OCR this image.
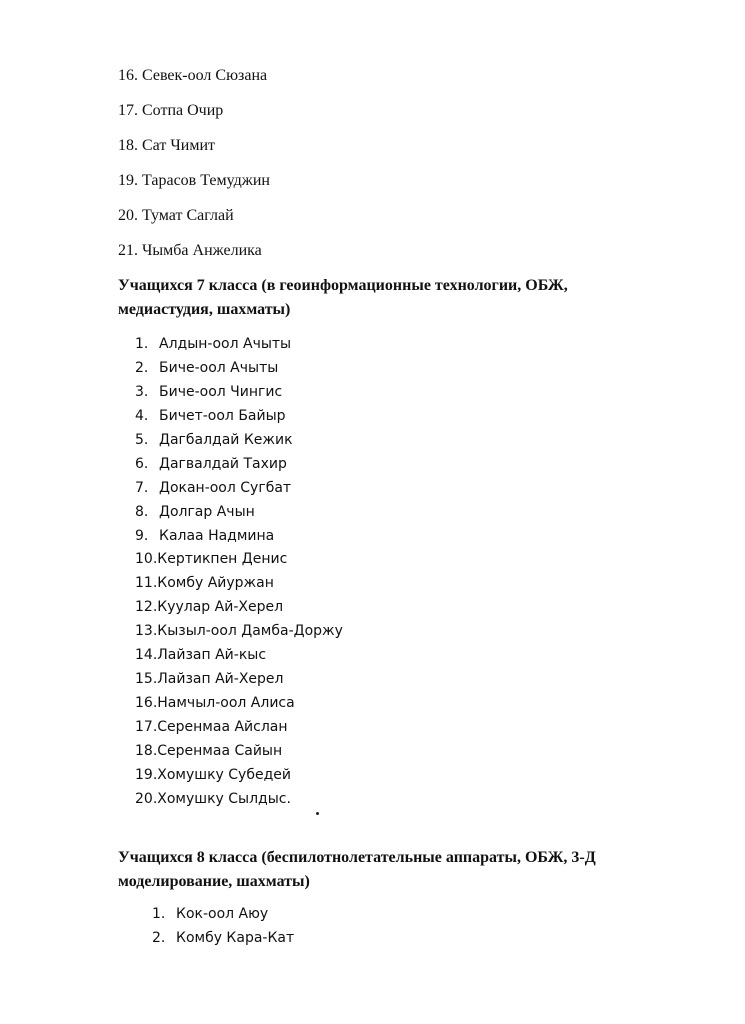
16. Севек-оол Сюзана
17. Сотпа Очир
18. Сат Чимит
19. Тарасов Темуджин
20. Тумат Саглай
21. Чымба Анжелика

Учащихся 7 класса (в геоинформационные технологии, ОБЖ, медиастудия, шахматы)

1. Алдын-оол Ачыты
2. Биче-оол Ачыты
3. Биче-оол Чингис
4. Бичет-оол Байыр
5. Дагбалдай Кежик
6. Дагвалдай Тахир
7. Докан-оол Сугбат
8. Долгар Ачын
9. Калаа Надмина
10.Кертикпен Денис
11.Комбу Айуржан
12.Куулар Ай-Херел
13.Кызыл-оол Дамба-Доржу
14.Лайзап Ай-кыс
15.Лайзап Ай-Херел
16.Намчыл-оол Алиса
17.Серенмаа Айслан
18.Серенмаа Сайын
19.Хомушку Субедей
20.Хомушку Сылдыс.

Учащихся 8 класса (беспилотнолетательные аппараты, ОБЖ, 3-Д моделирование, шахматы)

1. Кок-оол Аюу
2. Комбу Кара-Кат
